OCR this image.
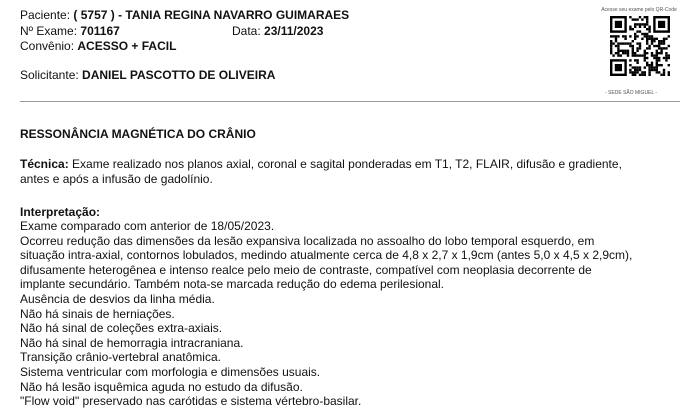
Paciente: ( 5757 ) - TANIA REGINA NAVARRO GUIMARAES
Nº Exame: 701167	Data: 23/11/2023
Convênio: ACESSO + FACIL
Solicitante: DANIEL PASCOTTO DE OLIVEIRA
Acesse seu exame pelo QR-Code
- SEDE SÃO MIGUEL -
RESSONÂNCIA MAGNÉTICA DO CRÂNIO
Técnica: Exame realizado nos planos axial, coronal e sagital ponderadas em T1, T2, FLAIR, difusão e gradiente,
antes e após a infusão de gadolínio.
Interpretação:
Exame comparado com anterior de 18/05/2023.
Ocorreu redução das dimensões da lesão expansiva localizada no assoalho do lobo temporal esquerdo, em
situação intra-axial, contornos lobulados, medindo atualmente cerca de 4,8 x 2,7 x 1,9cm (antes 5,0 x 4,5 x 2,9cm),
difusamente heterogênea e intenso realce pelo meio de contraste, compatível com neoplasia decorrente de
implante secundário. Também nota-se marcada redução do edema perilesional.
Ausência de desvios da linha média.
Não há sinais de herniações.
Não há sinal de coleções extra-axiais.
Não há sinal de hemorragia intracraniana.
Transição crânio-vertebral anatômica.
Sistema ventricular com morfologia e dimensões usuais.
Não há lesão isquêmica aguda no estudo da difusão.
"Flow void" preservado nas carótidas e sistema vértebro-basilar.
